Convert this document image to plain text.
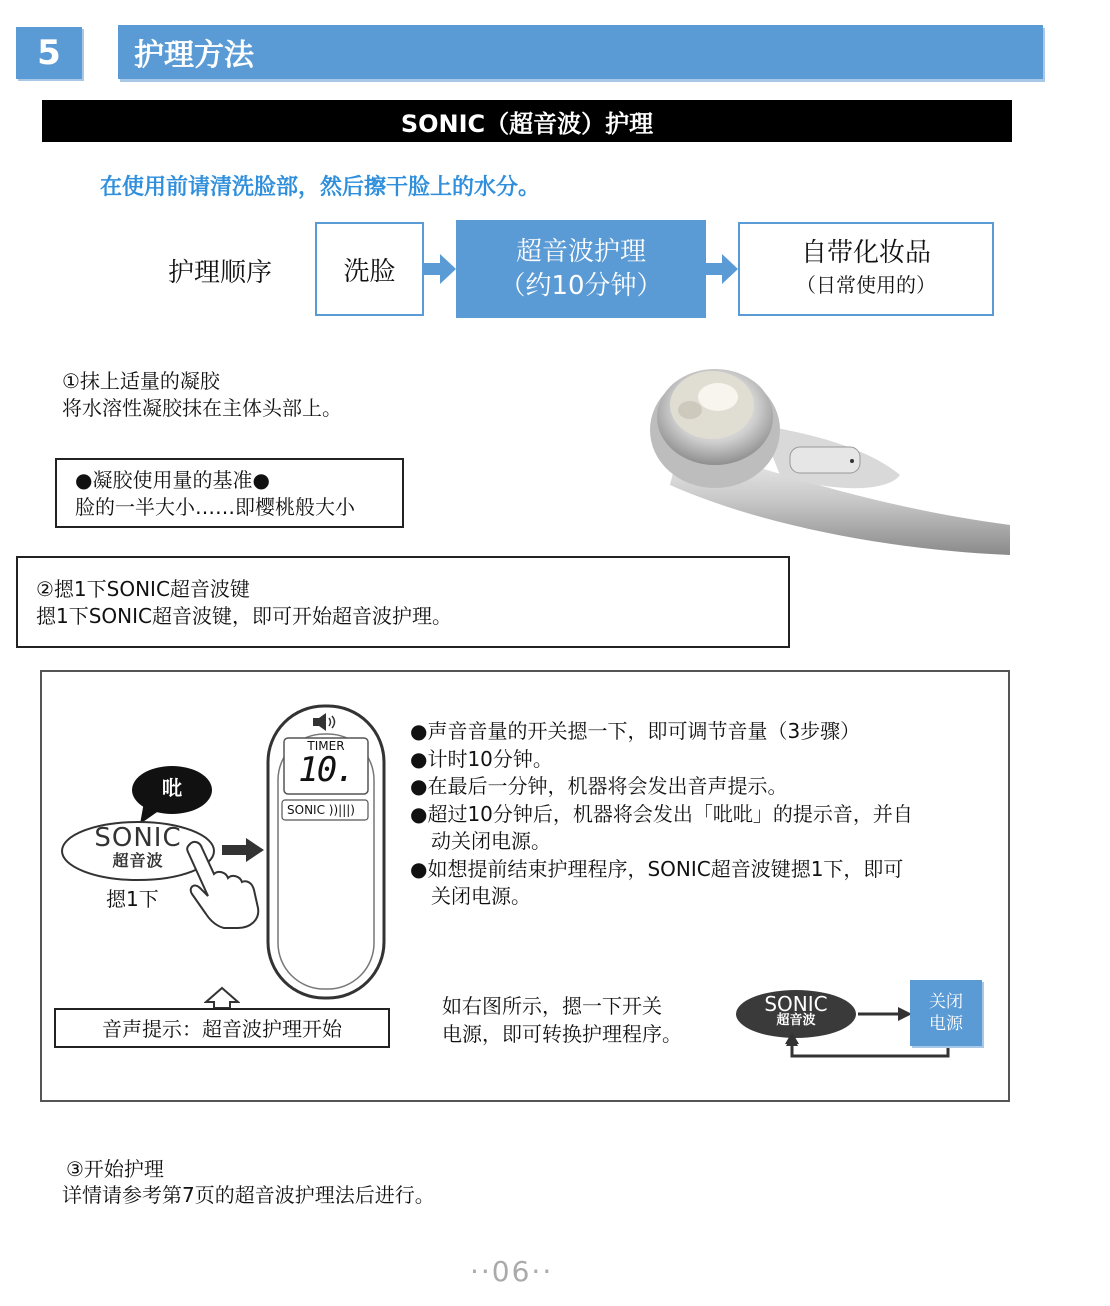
5	护理方法
SONIC（超音波）护理
在使用前请清洗脸部，然后擦干脸上的水分。
护理顺序	洗脸
超音波护理
（约10分钟）
自带化妆品
（日常使用的）
①抹上适量的凝胶
将水溶性凝胶抹在主体头部上。
●凝胶使用量的基准●
脸的一半大小……即樱桃般大小
②摁1下SONIC超音波键
摁1下SONIC超音波键，即可开始超音波护理。
吡
SONIC
超音波
摁1下
TIMER
10.
SONIC ))|||)
音声提示：超音波护理开始
●声音音量的开关摁一下，即可调节音量（3步骤）
●计时10分钟。
●在最后一分钟，机器将会发出音声提示。
●超过10分钟后，机器将会发出「吡吡」的提示音，并自
动关闭电源。
●如想提前结束护理程序，SONIC超音波键摁1下，即可
关闭电源。
如右图所示，摁一下开关
电源，即可转换护理程序。
SONIC
超音波
关闭
电源
③开始护理
详情请参考第7页的超音波护理法后进行。
··06··
